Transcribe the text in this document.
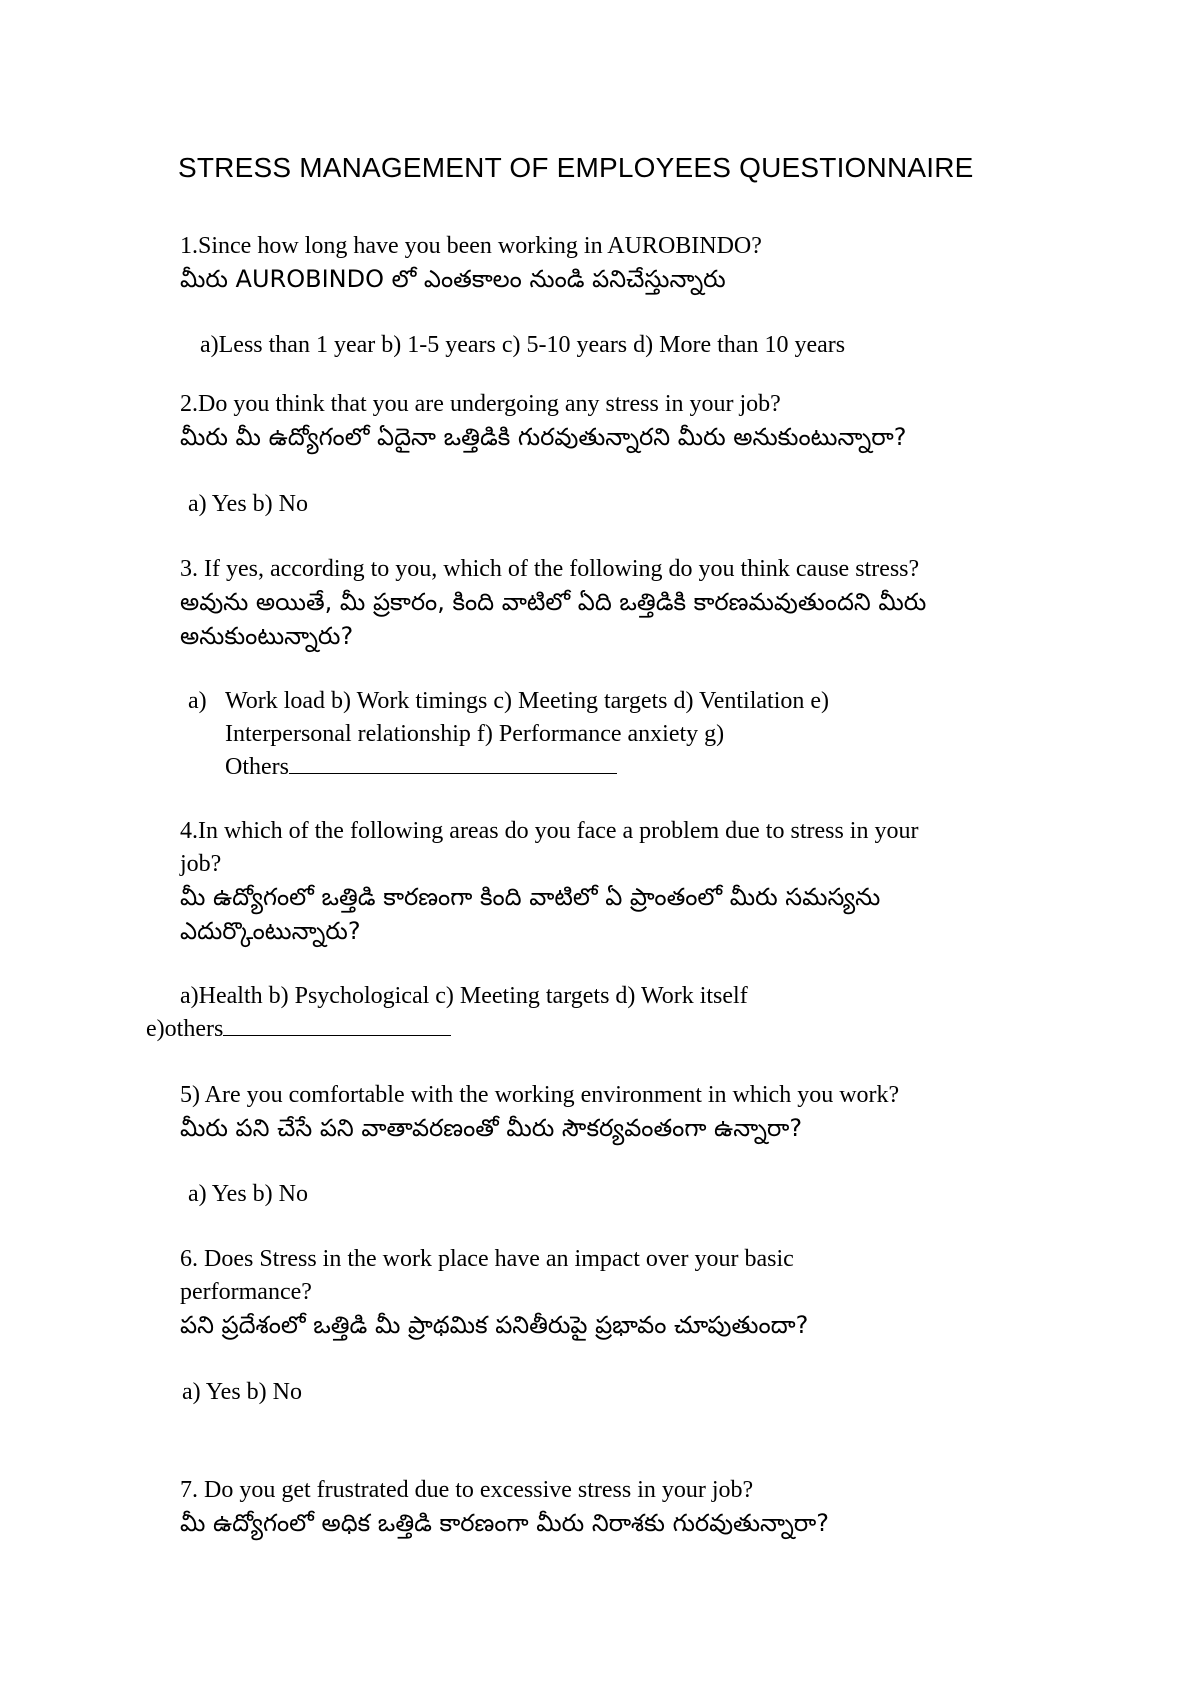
STRESS MANAGEMENT OF EMPLOYEES QUESTIONNAIRE
1.Since how long have you been working in AUROBINDO?
మీరు AUROBINDO లో ఎంతకాలం నుండి పనిచేస్తున్నారు
a)Less than 1 year b) 1-5 years c) 5-10 years d) More than 10 years
2.Do you think that you are undergoing any stress in your job?
మీరు మీ ఉద్యోగంలో ఏదైనా ఒత్తిడికి గురవుతున్నారని మీరు అనుకుంటున్నారా?
a) Yes b) No
3. If yes, according to you, which of the following do you think cause stress?
అవును అయితే, మీ ప్రకారం, కింది వాటిలో ఏది ఒత్తిడికి కారణమవుతుందని మీరు
అనుకుంటున్నారు?
a) Work load b) Work timings c) Meeting targets d) Ventilation e)
Interpersonal relationship f) Performance anxiety g)
Others
4.In which of the following areas do you face a problem due to stress in your
job?
మీ ఉద్యోగంలో ఒత్తిడి కారణంగా కింది వాటిలో ఏ ప్రాంతంలో మీరు సమస్యను
ఎదుర్కొంటున్నారు?
a)Health b) Psychological c) Meeting targets d) Work itself
e)others
5) Are you comfortable with the working environment in which you work?
మీరు పని చేసే పని వాతావరణంతో మీరు సౌకర్యవంతంగా ఉన్నారా?
a) Yes b) No
6. Does Stress in the work place have an impact over your basic
performance?
పని ప్రదేశంలో ఒత్తిడి మీ ప్రాథమిక పనితీరుపై ప్రభావం చూపుతుందా?
a) Yes b) No
7. Do you get frustrated due to excessive stress in your job?
మీ ఉద్యోగంలో అధిక ఒత్తిడి కారణంగా మీరు నిరాశకు గురవుతున్నారా?
